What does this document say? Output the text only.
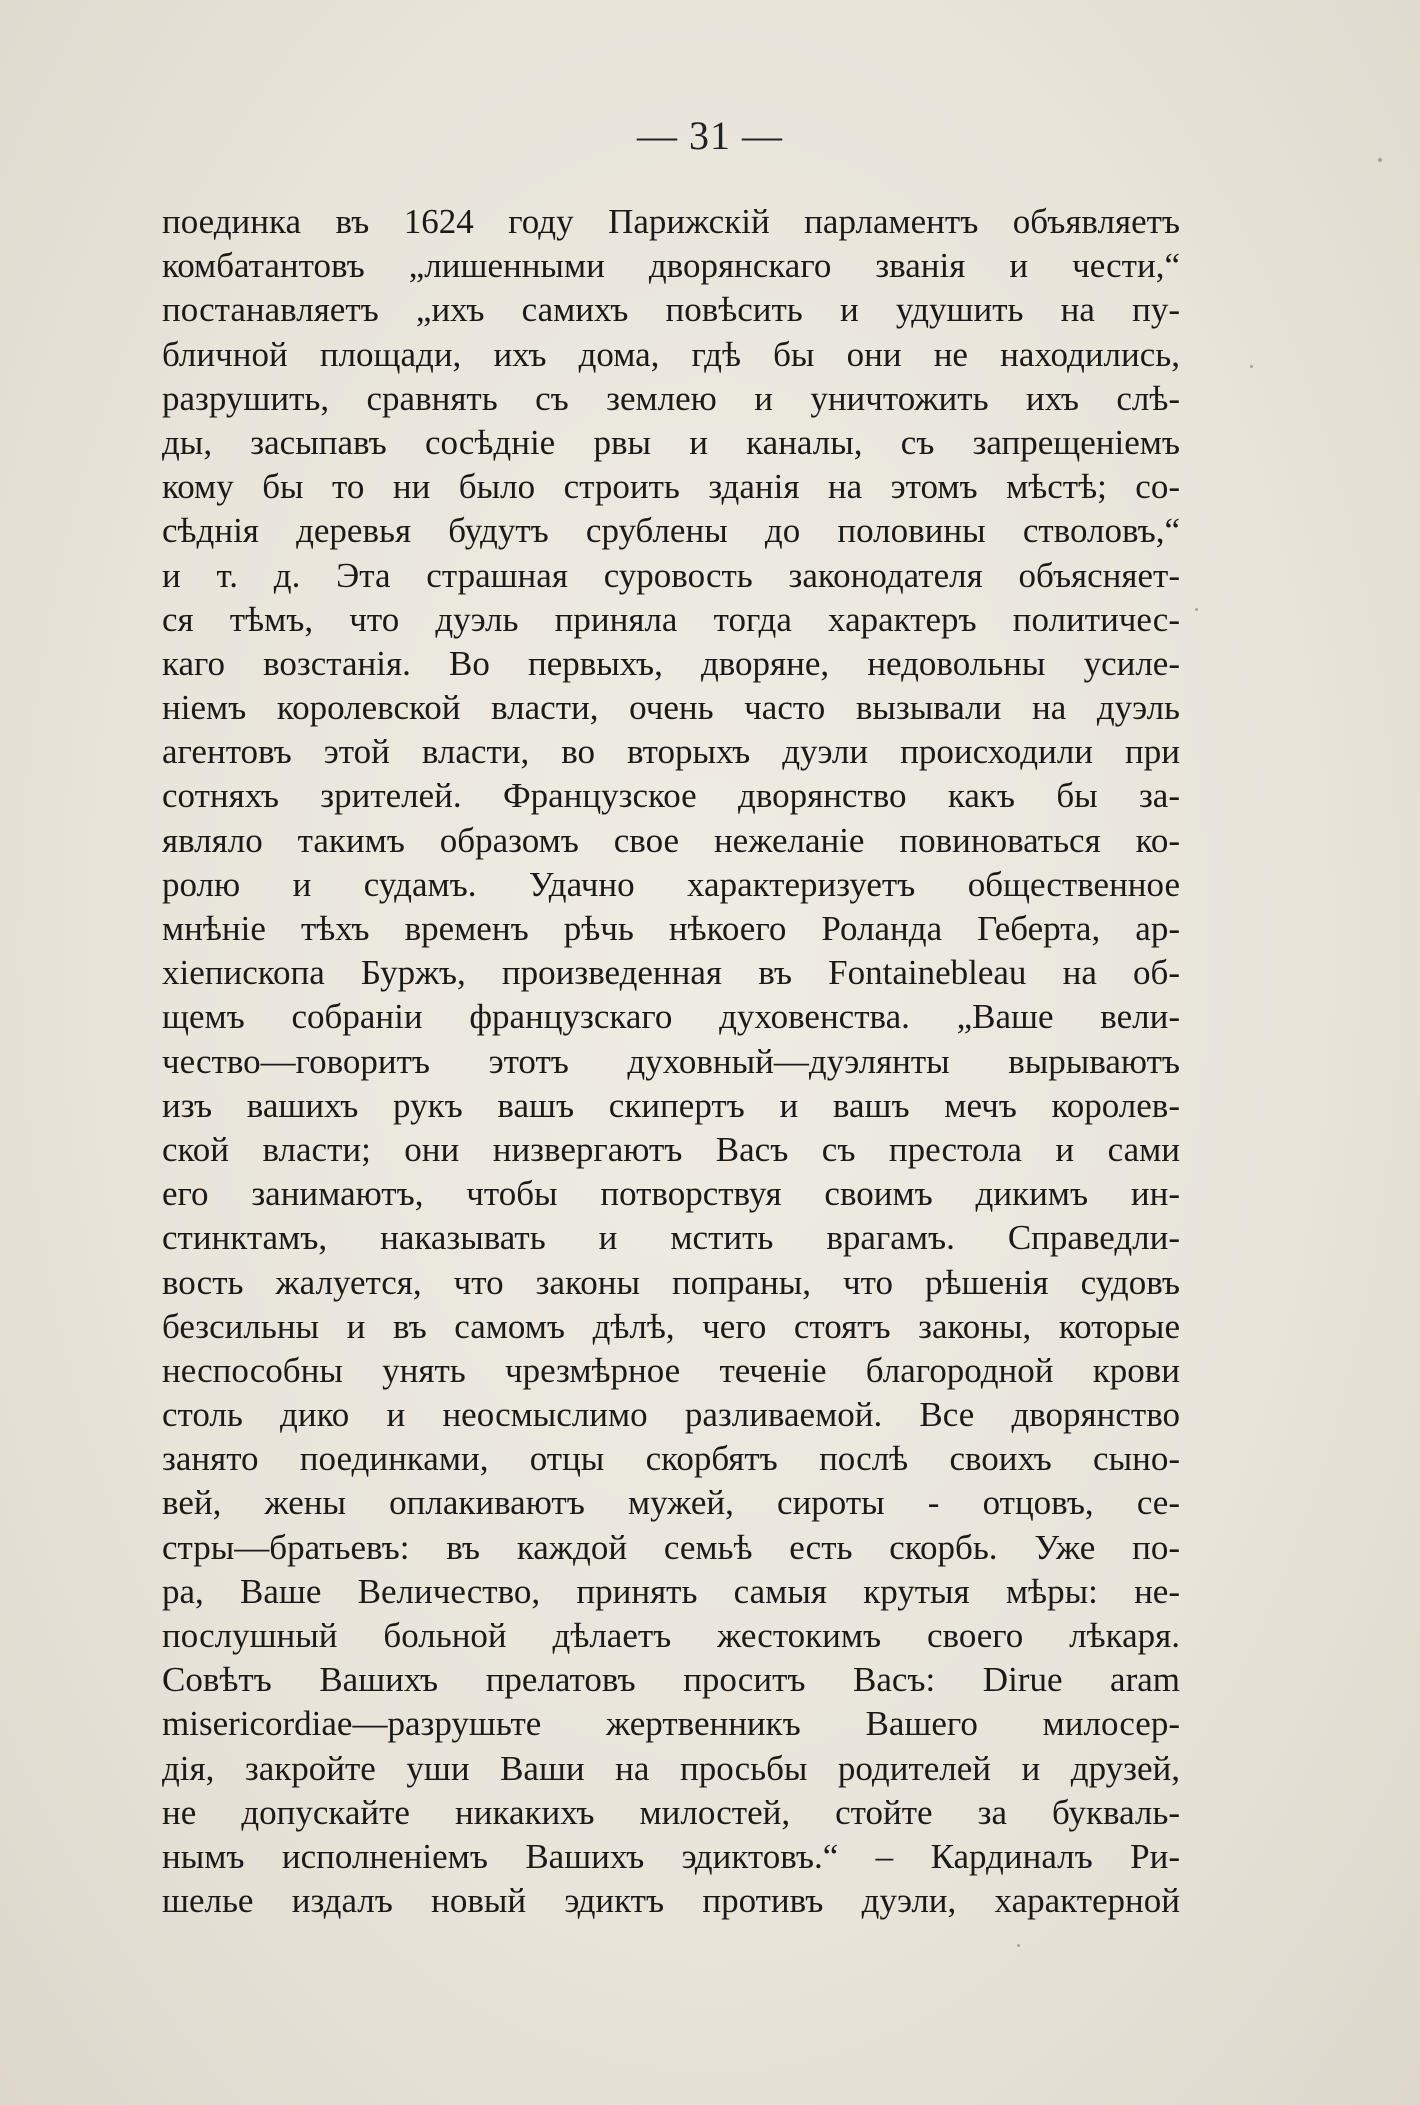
— 31 —
поединка въ 1624 году Парижскій парламентъ объявляетъ
комбатантовъ „лишенными дворянскаго званія и чести,“
постанавляетъ „ихъ самихъ повѣсить и удушить на пу-
бличной площади, ихъ дома, гдѣ бы они не находились,
разрушить, сравнять съ землею и уничтожить ихъ слѣ-
ды, засыпавъ сосѣдніе рвы и каналы, съ запрещеніемъ
кому бы то ни было строить зданія на этомъ мѣстѣ; со-
сѣднія деревья будутъ срублены до половины стволовъ,“
и т. д. Эта страшная суровость законодателя объясняет-
ся тѣмъ, что дуэль приняла тогда характеръ политичес-
каго возстанія. Во первыхъ, дворяне, недовольны усиле-
ніемъ королевской власти, очень часто вызывали на дуэль
агентовъ этой власти, во вторыхъ дуэли происходили при
сотняхъ зрителей. Французское дворянство какъ бы за-
являло такимъ образомъ свое нежеланіе повиноваться ко-
ролю и судамъ. Удачно характеризуетъ общественное
мнѣніе тѣхъ временъ рѣчь нѣкоего Роланда Геберта, ар-
хіепископа Буржъ, произведенная въ Fontainebleau на об-
щемъ собраніи французскаго духовенства. „Ваше вели-
чество—говоритъ этотъ духовный—дуэлянты вырываютъ
изъ вашихъ рукъ вашъ скипертъ и вашъ мечъ королев-
ской власти; они низвергаютъ Васъ съ престола и сами
его занимаютъ, чтобы потворствуя своимъ дикимъ ин-
стинктамъ, наказывать и мстить врагамъ. Справедли-
вость жалуется, что законы попраны, что рѣшенія судовъ
безсильны и въ самомъ дѣлѣ, чего стоятъ законы, которые
неспособны унять чрезмѣрное теченіе благородной крови
столь дико и неосмыслимо разливаемой. Все дворянство
занято поединками, отцы скорбятъ послѣ своихъ сыно-
вей, жены оплакиваютъ мужей, сироты - отцовъ, се-
стры—братьевъ: въ каждой семьѣ есть скорбь. Уже по-
ра, Ваше Величество, принять самыя крутыя мѣры: не-
послушный больной дѣлаетъ жестокимъ своего лѣкаря.
Совѣтъ Вашихъ прелатовъ проситъ Васъ: Dirue aram
misericordiae—разрушьте жертвенникъ Вашего милосер-
дія, закройте уши Ваши на просьбы родителей и друзей,
не допускайте никакихъ милостей, стойте за букваль-
нымъ исполненіемъ Вашихъ эдиктовъ.“ – Кардиналъ Ри-
шелье издалъ новый эдиктъ противъ дуэли, характерной
